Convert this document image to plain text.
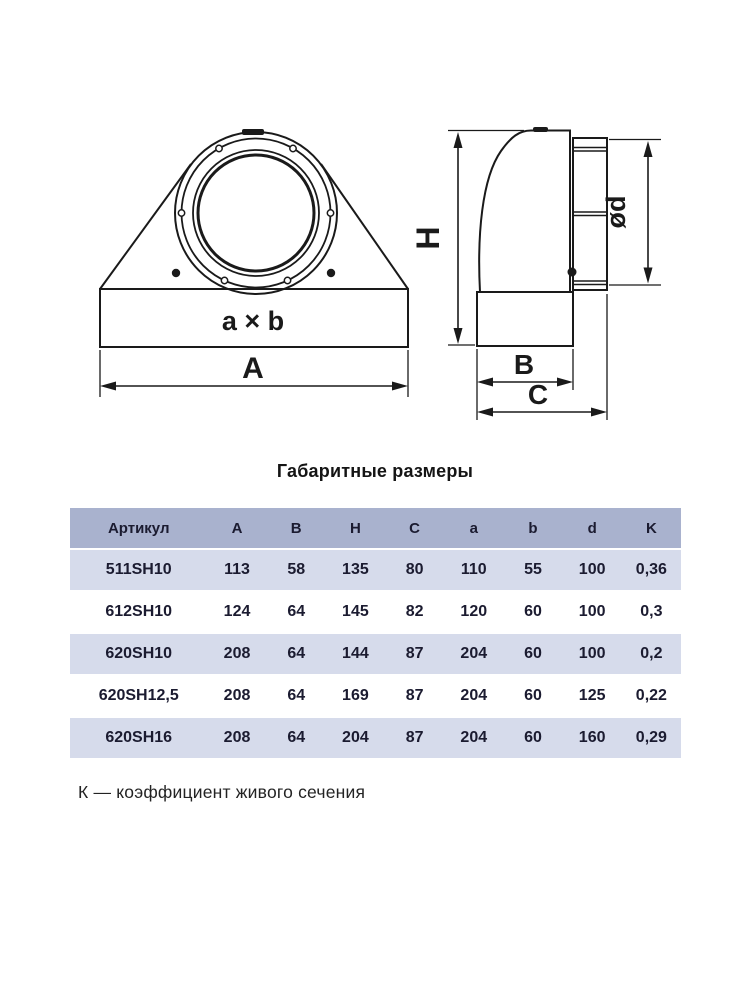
a × b
A
H
ød
B
C
Габаритные размеры
Артикул	A	B	H	C	a	b	d	K
511SH10	113	58	135	80	110	55	100	0,36
612SH10	124	64	145	82	120	60	100	0,3
620SH10	208	64	144	87	204	60	100	0,2
620SH12,5	208	64	169	87	204	60	125	0,22
620SH16	208	64	204	87	204	60	160	0,29
К — коэффициент живого сечения
